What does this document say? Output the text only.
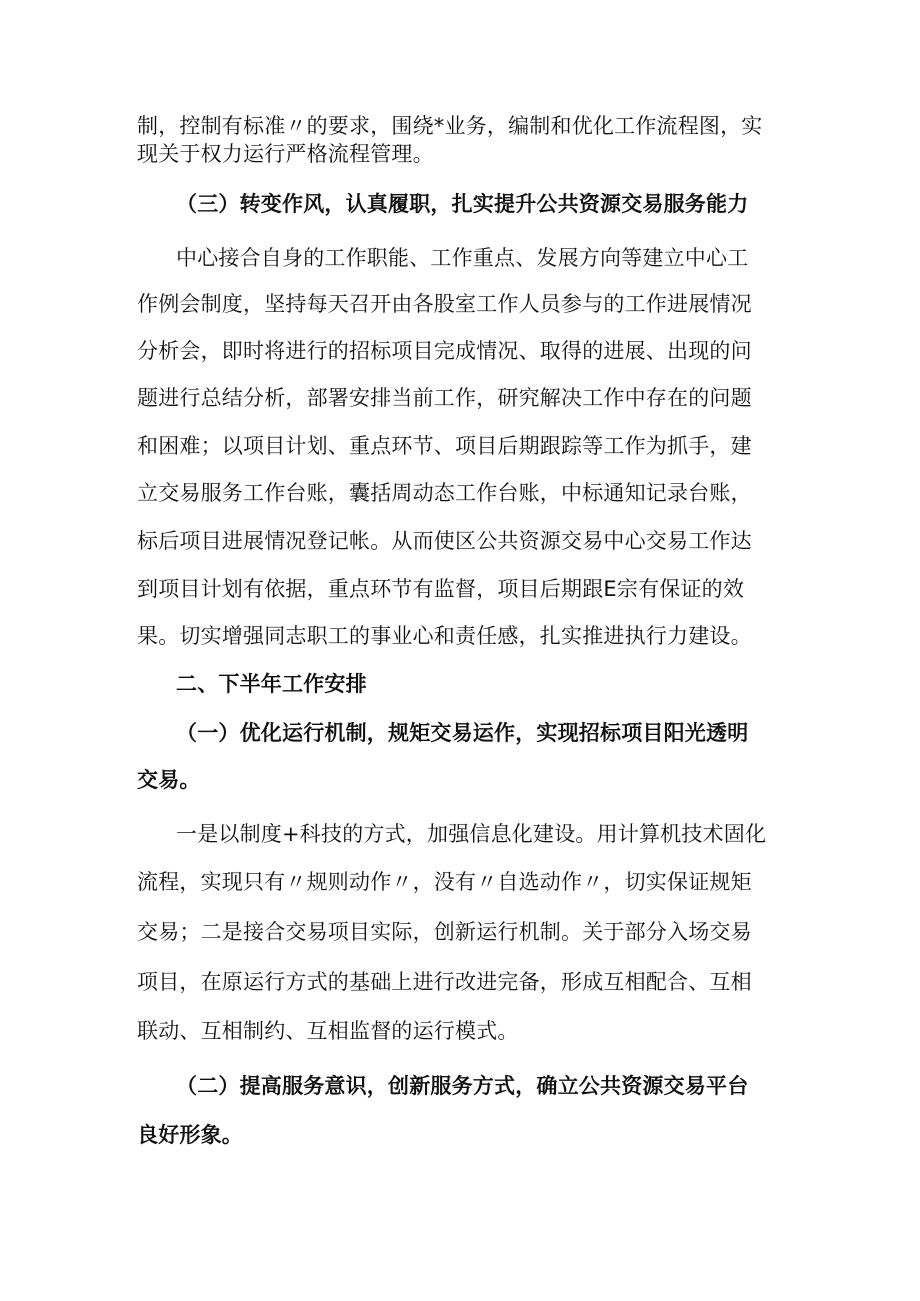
制，控制有标准〃的要求，围绕*业务，编制和优化工作流程图，实
现关于权力运行严格流程管理。
（三）转变作风，认真履职，扎实提升公共资源交易服务能力
中心接合自身的工作职能、工作重点、发展方向等建立中心工
作例会制度，坚持每天召开由各股室工作人员参与的工作进展情况
分析会，即时将进行的招标项目完成情况、取得的进展、出现的问
题进行总结分析，部署安排当前工作，研究解决工作中存在的问题
和困难；以项目计划、重点环节、项目后期跟踪等工作为抓手，建
立交易服务工作台账，囊括周动态工作台账，中标通知记录台账，
标后项目进展情况登记帐。从而使区公共资源交易中心交易工作达
到项目计划有依据，重点环节有监督，项目后期跟E宗有保证的效
果。切实增强同志职工的事业心和责任感，扎实推进执行力建设。
二、下半年工作安排
（一）优化运行机制，规矩交易运作，实现招标项目阳光透明
交易。
一是以制度+科技的方式，加强信息化建设。用计算机技术固化
流程，实现只有〃规则动作〃，没有〃自选动作〃，切实保证规矩
交易；二是接合交易项目实际，创新运行机制。关于部分入场交易
项目，在原运行方式的基础上进行改进完备，形成互相配合、互相
联动、互相制约、互相监督的运行模式。
（二）提高服务意识，创新服务方式，确立公共资源交易平台
良好形象。
